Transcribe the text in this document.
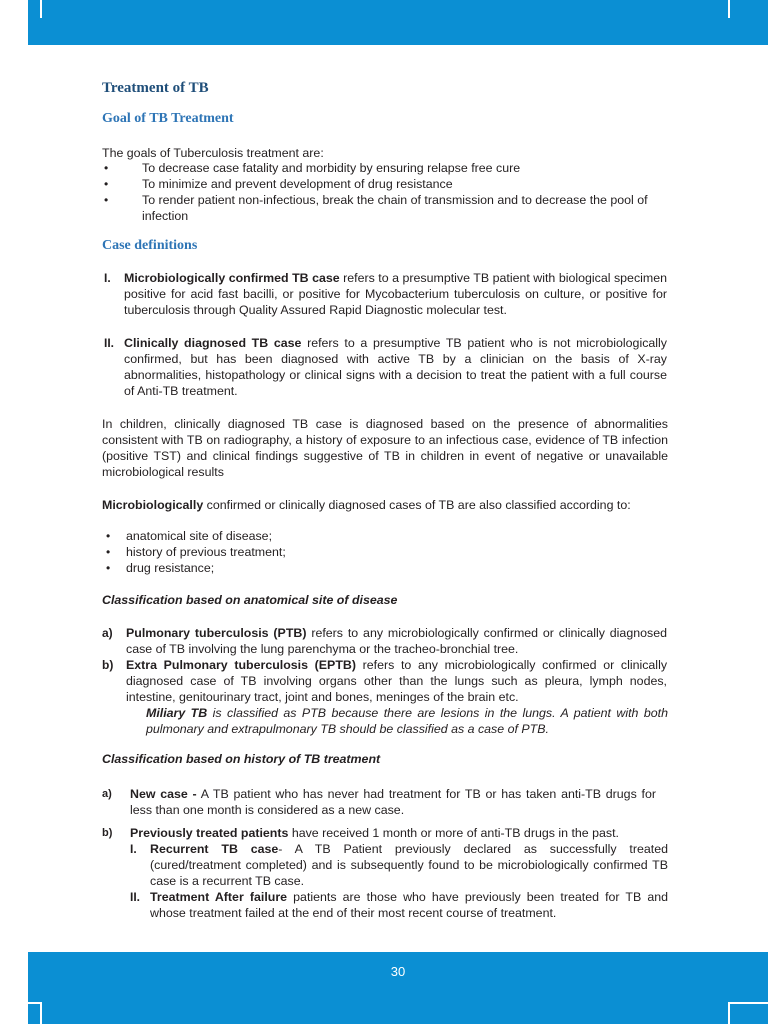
30
Treatment of TB
Goal of TB Treatment
The goals of Tuberculosis treatment are:
•	To decrease case fatality and morbidity by ensuring relapse free cure
•	To minimize and prevent development of drug resistance
•	To render patient non-infectious, break the chain of transmission and to decrease the pool of infection
Case definitions
I. Microbiologically confirmed TB case refers to a presumptive TB patient with biological specimen positive for acid fast bacilli, or positive for Mycobacterium tuberculosis on culture, or positive for tuberculosis through Quality Assured Rapid Diagnostic molecular test.
II. Clinically diagnosed TB case refers to a presumptive TB patient who is not microbiologically confirmed, but has been diagnosed with active TB by a clinician on the basis of X-ray abnormalities, histopathology or clinical signs with a decision to treat the patient with a full course of Anti-TB treatment.
In children, clinically diagnosed TB case is diagnosed based on the presence of abnormalities consistent with TB on radiography, a history of exposure to an infectious case, evidence of TB infection (positive TST) and clinical findings suggestive of TB in children in event of negative or unavailable microbiological results
Microbiologically confirmed or clinically diagnosed cases of TB are also classified according to:
• anatomical site of disease;
• history of previous treatment;
• drug resistance;
Classification based on anatomical site of disease
a) Pulmonary tuberculosis (PTB) refers to any microbiologically confirmed or clinically diagnosed case of TB involving the lung parenchyma or the tracheo-bronchial tree.
b) Extra Pulmonary tuberculosis (EPTB) refers to any microbiologically confirmed or clinically diagnosed case of TB involving organs other than the lungs such as pleura, lymph nodes, intestine, genitourinary tract, joint and bones, meninges of the brain etc.
Miliary TB is classified as PTB because there are lesions in the lungs. A patient with both pulmonary and extrapulmonary TB should be classified as a case of PTB.
Classification based on history of TB treatment
a) New case - A TB patient who has never had treatment for TB or has taken anti-TB drugs for less than one month is considered as a new case.
b) Previously treated patients have received 1 month or more of anti-TB drugs in the past.
I. Recurrent TB case- A TB Patient previously declared as successfully treated (cured/treatment completed) and is subsequently found to be microbiologically confirmed TB case is a recurrent TB case.
II. Treatment After failure patients are those who have previously been treated for TB and whose treatment failed at the end of their most recent course of treatment.
